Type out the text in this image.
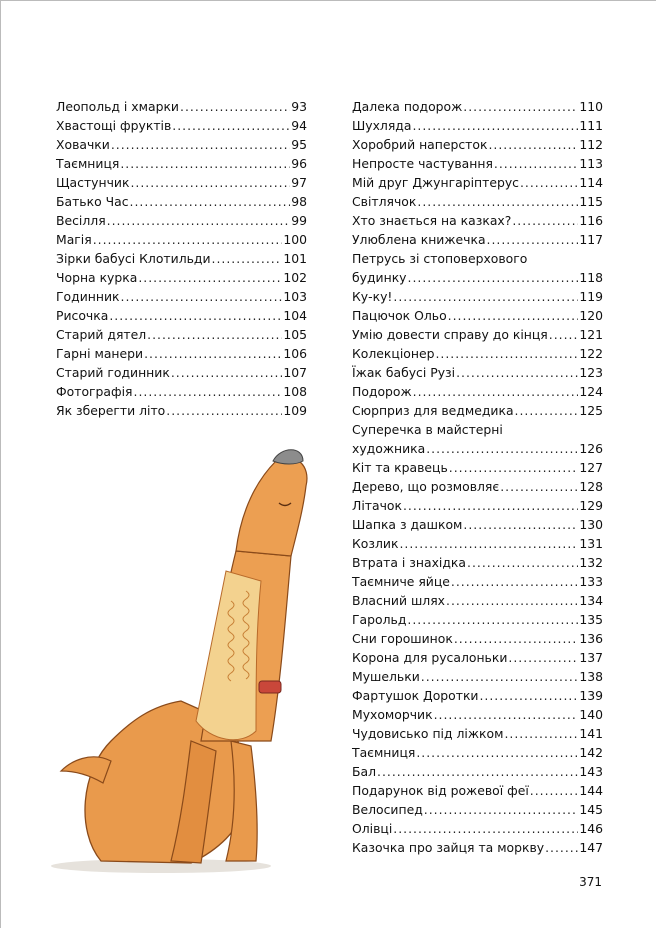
Леопольд і хмарки .....	93
Хвастощі фруктів .....	94
Ховачки .....	95
Таємниця .....	96
Щастунчик .....	97
Батько Час .....	98
Весілля .....	99
Магія .....	100
Зірки бабусі Клотильди .....	101
Чорна курка .....	102
Годинник .....	103
Рисочка .....	104
Старий дятел .....	105
Гарні манери .....	106
Старий годинник .....	107
Фотографія .....	108
Як зберегти літо .....	109
Далека подорож .....	110
Шухляда .....	111
Хоробрий наперсток .....	112
Непросте частування .....	113
Мій друг Джунгаріптерус .....	114
Світлячок .....	115
Хто знається на казках? .....	116
Улюблена книжечка .....	117
Петрусь зі стоповерхового
будинку .....	118
Ку-ку! .....	119
Пацючок Ольо .....	120
Умію довести справу до кінця .....	121
Колекціонер .....	122
Їжак бабусі Рузі .....	123
Подорож .....	124
Сюрприз для ведмедика .....	125
Суперечка в майстерні
художника .....	126
Кіт та кравець .....	127
Дерево, що розмовляє .....	128
Літачок .....	129
Шапка з дашком .....	130
Козлик .....	131
Втрата і знахідка .....	132
Таємниче яйце .....	133
Власний шлях .....	134
Гарольд .....	135
Сни горошинок .....	136
Корона для русалоньки .....	137
Мушельки .....	138
Фартушок Доротки .....	139
Мухоморчик .....	140
Чудовисько під ліжком .....	141
Таємниця .....	142
Бал .....	143
Подарунок від рожевої феї .....	144
Велосипед .....	145
Олівці .....	146
Казочка про зайця та моркву .....	147
371
